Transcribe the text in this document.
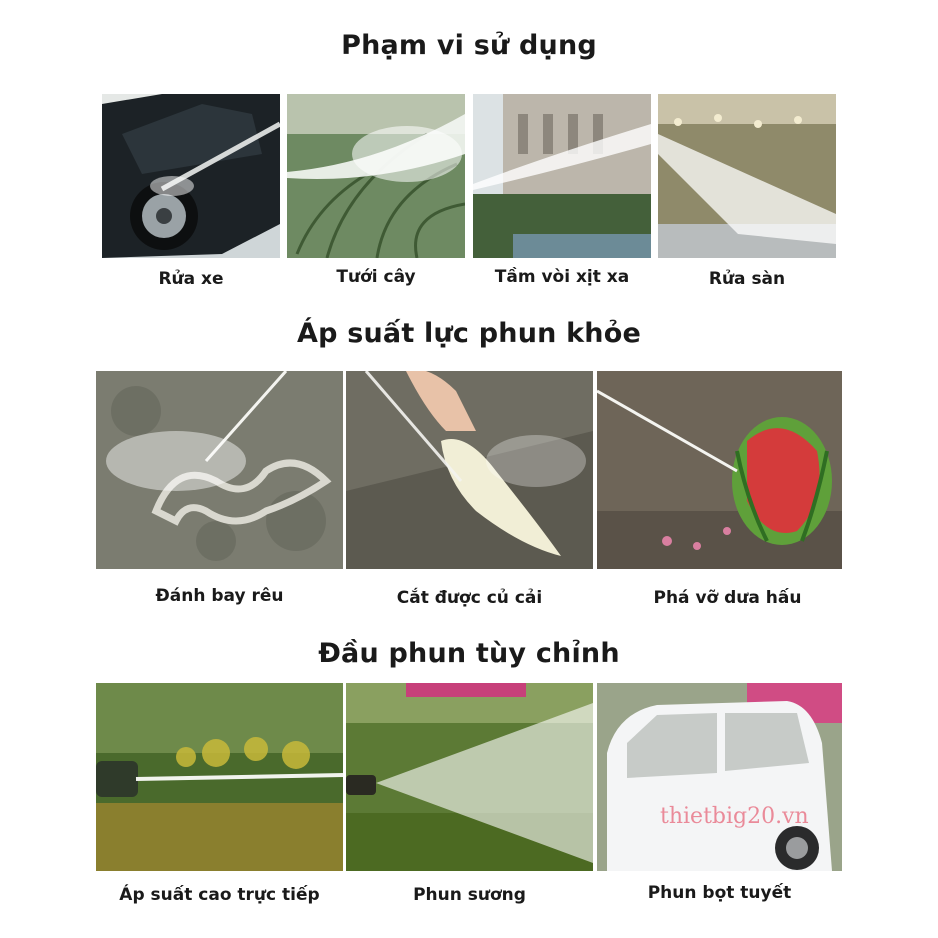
Phạm vi sử dụng
Rửa xe	Tưới cây	Tầm vòi xịt xa	Rửa sàn
Áp suất lực phun khỏe
Đánh bay rêu	Cắt được củ cải	Phá vỡ dưa hấu
Đầu phun tùy chỉnh
thietbig20.vn
Áp suất cao trực tiếp	Phun sương	Phun bọt tuyết
